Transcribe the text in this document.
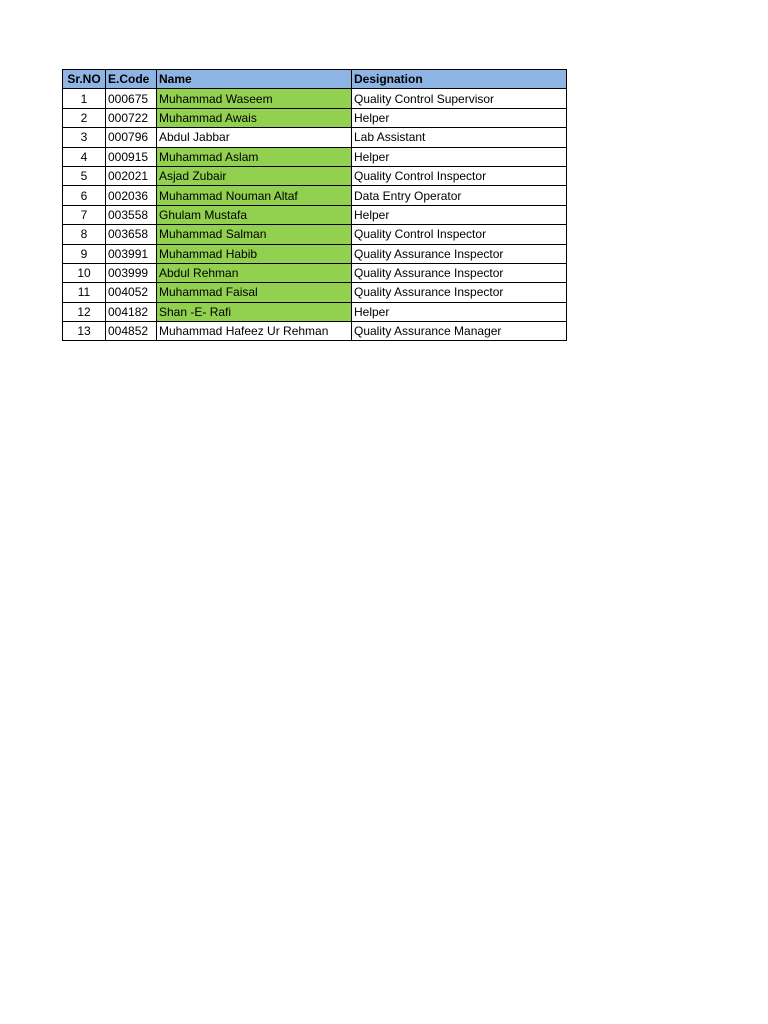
Sr.NO	E.Code	Name	Designation
1	000675	Muhammad Waseem	Quality Control Supervisor
2	000722	Muhammad Awais	Helper
3	000796	Abdul Jabbar	Lab Assistant
4	000915	Muhammad Aslam	Helper
5	002021	Asjad Zubair	Quality Control Inspector
6	002036	Muhammad Nouman Altaf	Data Entry Operator
7	003558	Ghulam Mustafa	Helper
8	003658	Muhammad Salman	Quality Control Inspector
9	003991	Muhammad Habib	Quality Assurance Inspector
10	003999	Abdul Rehman	Quality Assurance Inspector
11	004052	Muhammad Faisal	Quality Assurance Inspector
12	004182	Shan -E- Rafi	Helper
13	004852	Muhammad Hafeez Ur Rehman	Quality Assurance Manager
